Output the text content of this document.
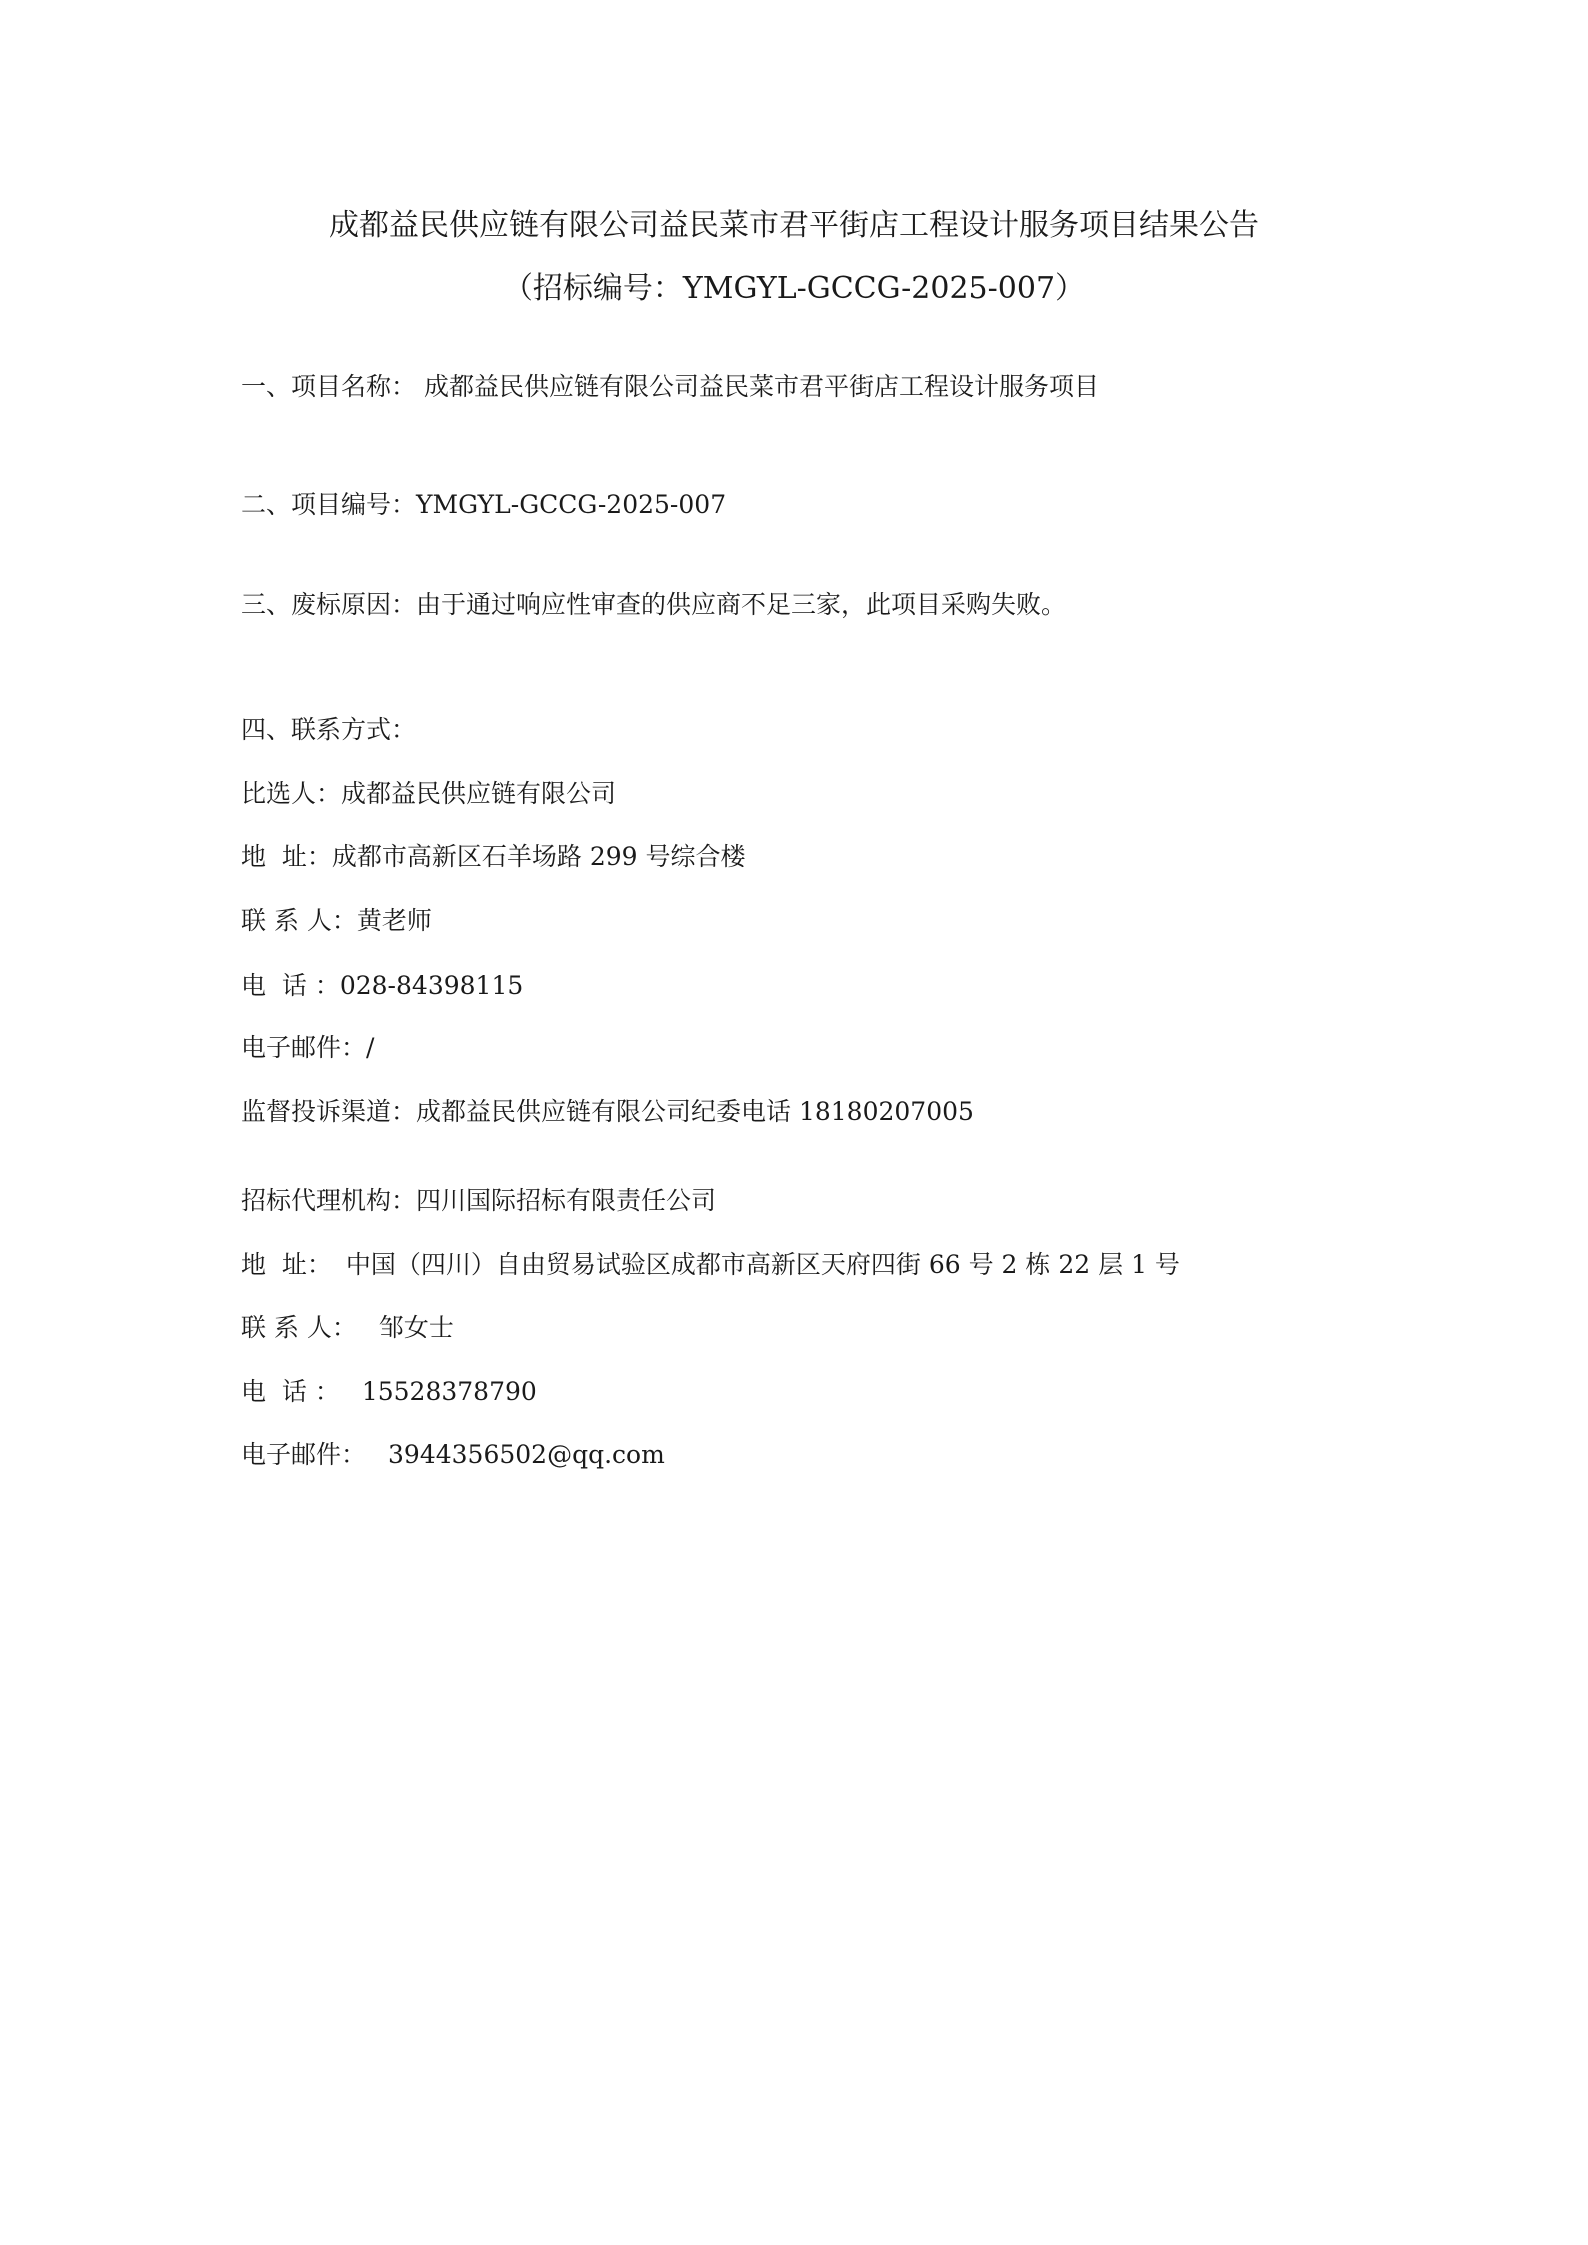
成都益民供应链有限公司益民菜市君平街店工程设计服务项目结果公告
（招标编号：YMGYL-GCCG-2025-007）
一、项目名称： 成都益民供应链有限公司益民菜市君平街店工程设计服务项目
二、项目编号：YMGYL-GCCG-2025-007
三、废标原因：由于通过响应性审查的供应商不足三家，此项目采购失败。
四、联系方式：
比选人：成都益民供应链有限公司
地  址：成都市高新区石羊场路 299 号综合楼
联 系 人：黄老师
电  话 ：028-84398115
电子邮件：/
监督投诉渠道：成都益民供应链有限公司纪委电话 18180207005
招标代理机构：四川国际招标有限责任公司
地  址： 中国（四川）自由贸易试验区成都市高新区天府四街 66 号 2 栋 22 层 1 号
联 系 人： 邹女士
电  话 ： 15528378790
电子邮件： 3944356502@qq.com
